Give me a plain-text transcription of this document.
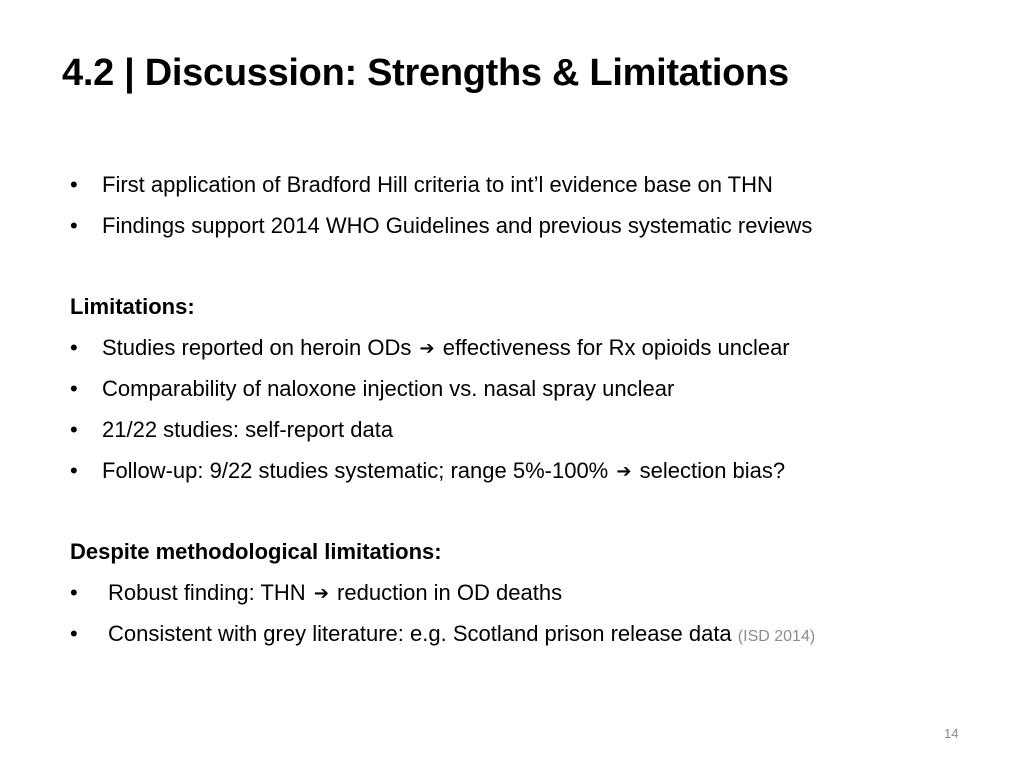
4.2 | Discussion: Strengths & Limitations
• First application of Bradford Hill criteria to int’l evidence base on THN
• Findings support 2014 WHO Guidelines and previous systematic reviews
Limitations:
• Studies reported on heroin ODs ➔ effectiveness for Rx opioids unclear
• Comparability of naloxone injection vs. nasal spray unclear
• 21/22 studies: self-report data
• Follow-up: 9/22 studies systematic; range 5%-100% ➔ selection bias?
Despite methodological limitations:
• Robust finding: THN ➔ reduction in OD deaths
• Consistent with grey literature: e.g. Scotland prison release data (ISD 2014)
14
